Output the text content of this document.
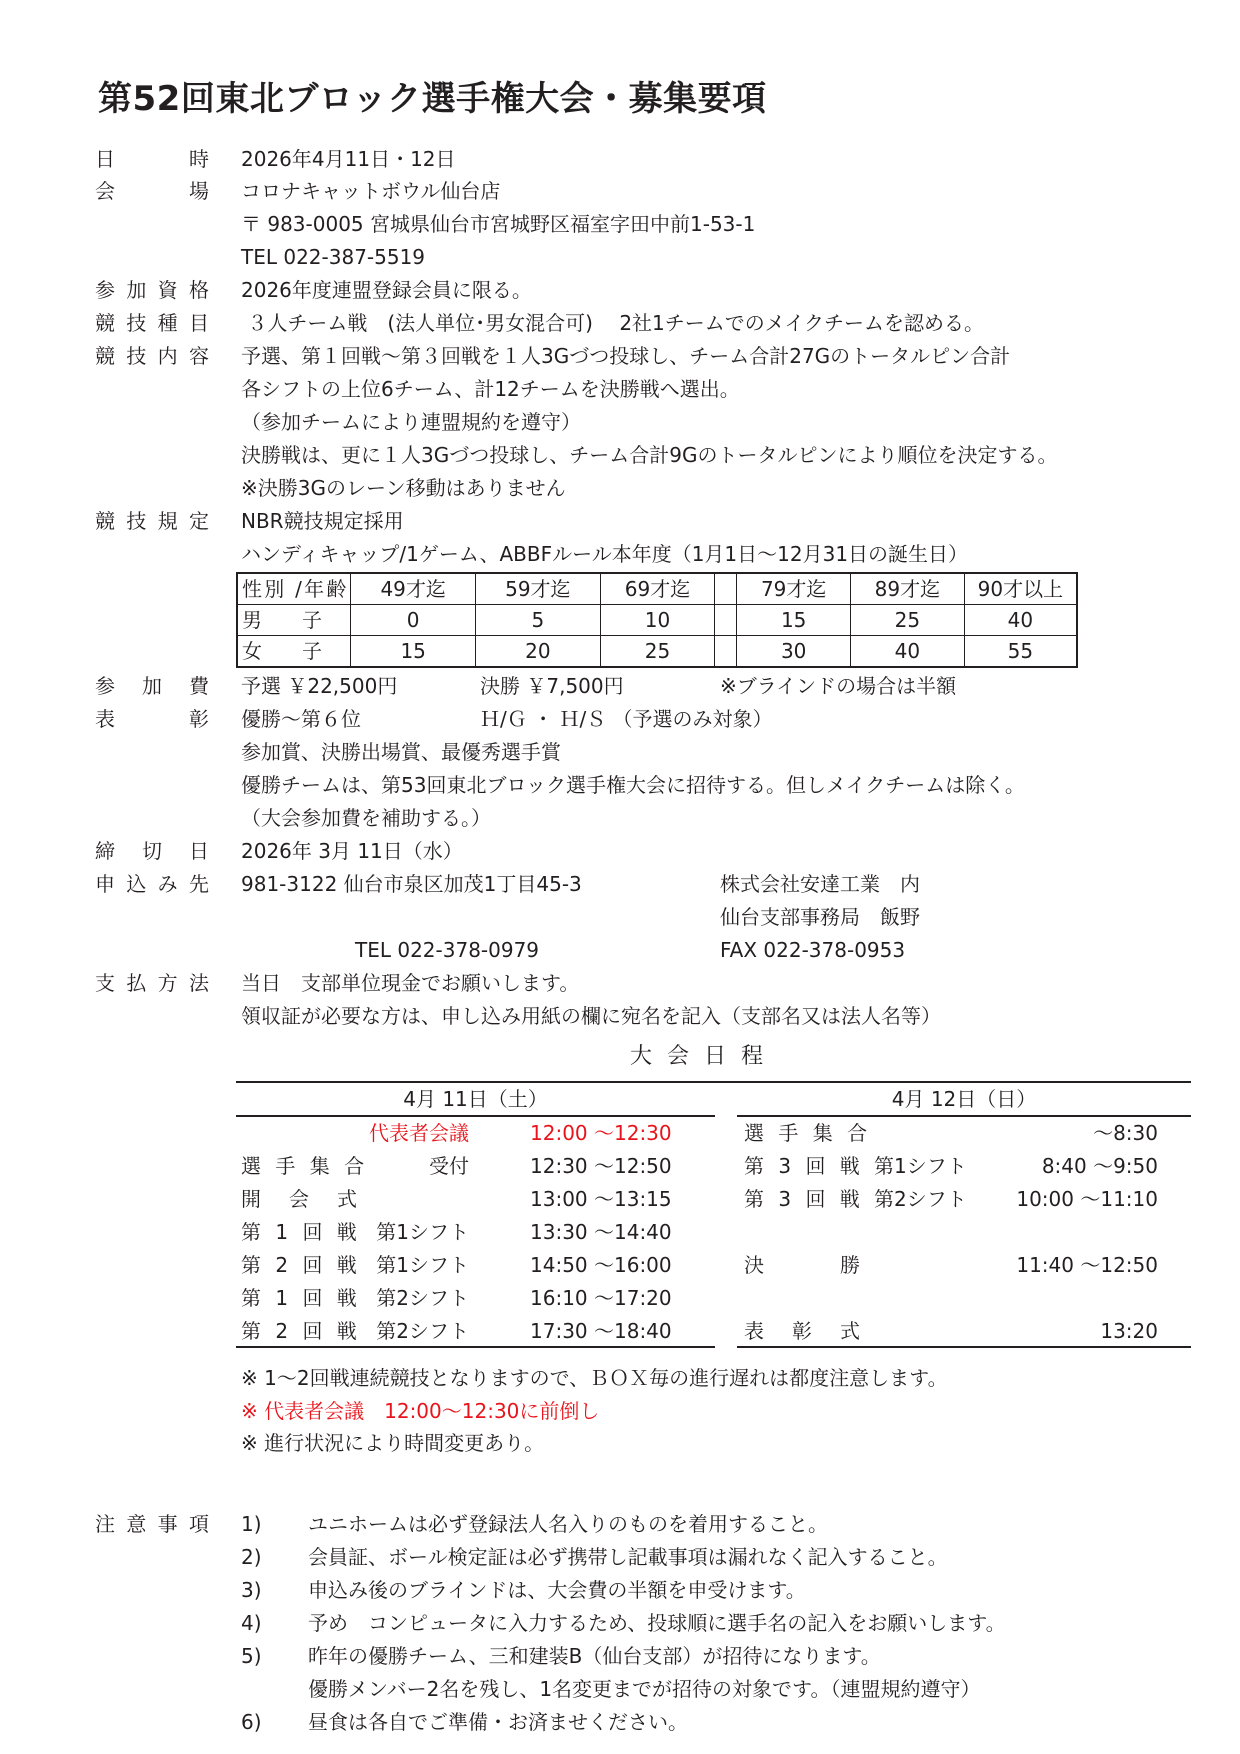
第52回東北ブロック選手権大会・募集要項
日時 2026年4月11日・12日
会場 コロナキャットボウル仙台店
〒 983-0005 宮城県仙台市宮城野区福室字田中前1-53-1
TEL 022-387-5519
参加資格 2026年度連盟登録会員に限る。
競技種目 ３人チーム戦　(法人単位･男女混合可)　 2社1チームでのメイクチームを認める。
競技内容 予選、第１回戦～第３回戦を１人3Gづつ投球し、チーム合計27Gのトータルピン合計
各シフトの上位6チーム、計12チームを決勝戦へ選出。
（参加チームにより連盟規約を遵守）
決勝戦は、更に１人3Gづつ投球し、チーム合計9Gのトータルピンにより順位を決定する。
※決勝3Gのレーン移動はありません
競技規定 NBR競技規定採用
ハンディキャップ/1ゲーム、ABBFルール本年度（1月1日～12月31日の誕生日）
性別 /年齢	49才迄	59才迄	69才迄		79才迄	89才迄	90才以上
男　　子	0	5	10		15	25	40
女　　子	15	20	25		30	40	55
参加費 予選 ￥22,500円	決勝 ￥7,500円	※ブラインドの場合は半額
表彰 優勝～第６位	Ｈ/Ｇ ・ Ｈ/Ｓ （予選のみ対象）
参加賞、決勝出場賞、最優秀選手賞
優勝チームは、第53回東北ブロック選手権大会に招待する。但しメイクチームは除く。
（大会参加費を補助する。）
締切日 2026年 3月 11日（水）
申込み先 981-3122 仙台市泉区加茂1丁目45-3	株式会社安達工業　内
仙台支部事務局　飯野
TEL 022-378-0979	FAX 022-378-0953
支払方法 当日　支部単位現金でお願いします。
領収証が必要な方は、申し込み用紙の欄に宛名を記入（支部名又は法人名等）
大 会 日 程
4月 11日（土）	4月 12日（日）
代表者会議	12:00 ～12:30
選 手 集 合	受付	12:30 ～12:50
開　会　式	13:00 ～13:15
第 1 回 戦 第1シフト	13:30 ～14:40
第 2 回 戦 第1シフト	14:50 ～16:00
第 1 回 戦 第2シフト	16:10 ～17:20
第 2 回 戦 第2シフト	17:30 ～18:40
選 手 集 合	～8:30
第 3 回 戦 第1シフト	8:40 ～9:50
第 3 回 戦 第2シフト	10:00 ～11:10
決　　　勝	11:40 ～12:50
表　彰　式	13:20
※ 1～2回戦連続競技となりますので、ＢＯＸ毎の進行遅れは都度注意します。
※ 代表者会議　12:00～12:30に前倒し
※ 進行状況により時間変更あり。
注意事項 1) ユニホームは必ず登録法人名入りのものを着用すること。
2) 会員証、ボール検定証は必ず携帯し記載事項は漏れなく記入すること。
3) 申込み後のブラインドは、大会費の半額を申受けます。
4) 予め　コンピュータに入力するため、投球順に選手名の記入をお願いします。
5) 昨年の優勝チーム、三和建装B（仙台支部）が招待になります。
優勝メンバー2名を残し、1名変更までが招待の対象です。（連盟規約遵守）
6) 昼食は各自でご準備・お済ませください。
